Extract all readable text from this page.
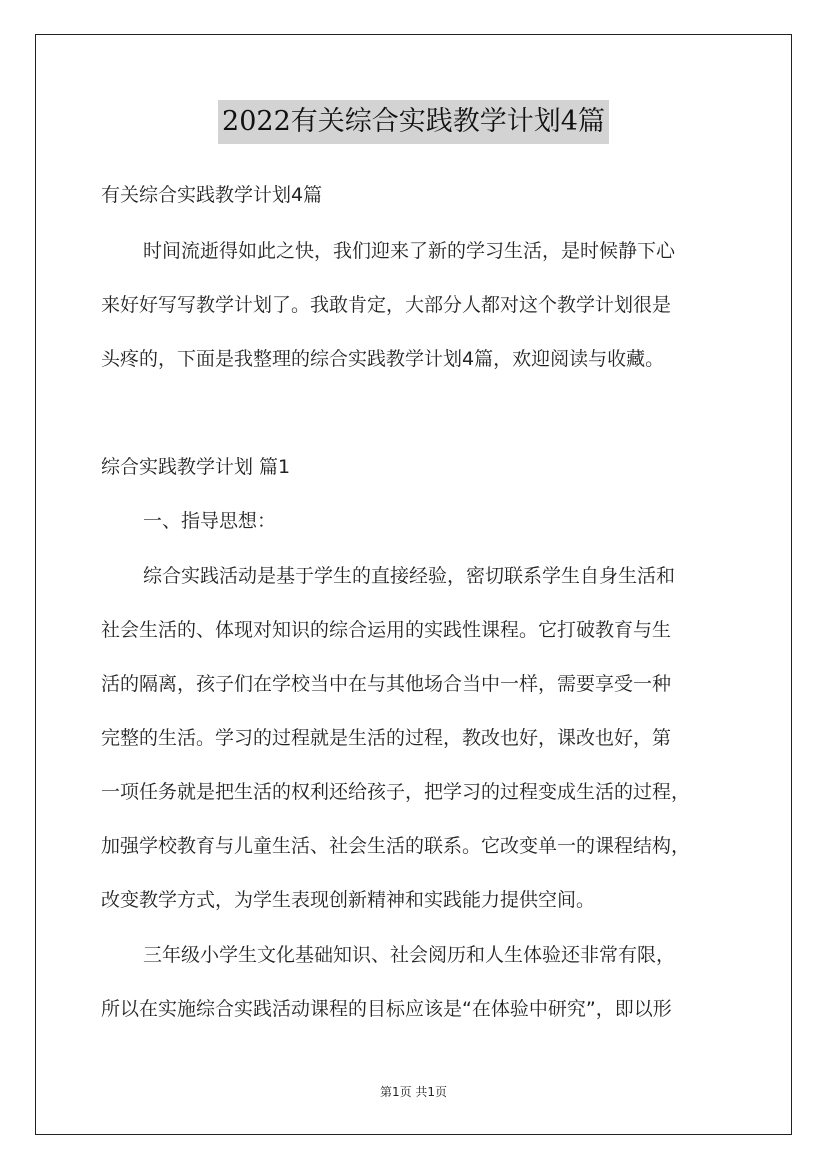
2022有关综合实践教学计划4篇
有关综合实践教学计划4篇
时间流逝得如此之快，我们迎来了新的学习生活，是时候静下心
来好好写写教学计划了。我敢肯定，大部分人都对这个教学计划很是
头疼的，下面是我整理的综合实践教学计划4篇，欢迎阅读与收藏。
综合实践教学计划 篇1
一、指导思想：
综合实践活动是基于学生的直接经验，密切联系学生自身生活和
社会生活的、体现对知识的综合运用的实践性课程。它打破教育与生
活的隔离，孩子们在学校当中在与其他场合当中一样，需要享受一种
完整的生活。学习的过程就是生活的过程，教改也好，课改也好，第
一项任务就是把生活的权利还给孩子，把学习的过程变成生活的过程，
加强学校教育与儿童生活、社会生活的联系。它改变单一的课程结构，
改变教学方式，为学生表现创新精神和实践能力提供空间。
三年级小学生文化基础知识、社会阅历和人生体验还非常有限，
所以在实施综合实践活动课程的目标应该是“在体验中研究”，即以形
第1页 共1页
